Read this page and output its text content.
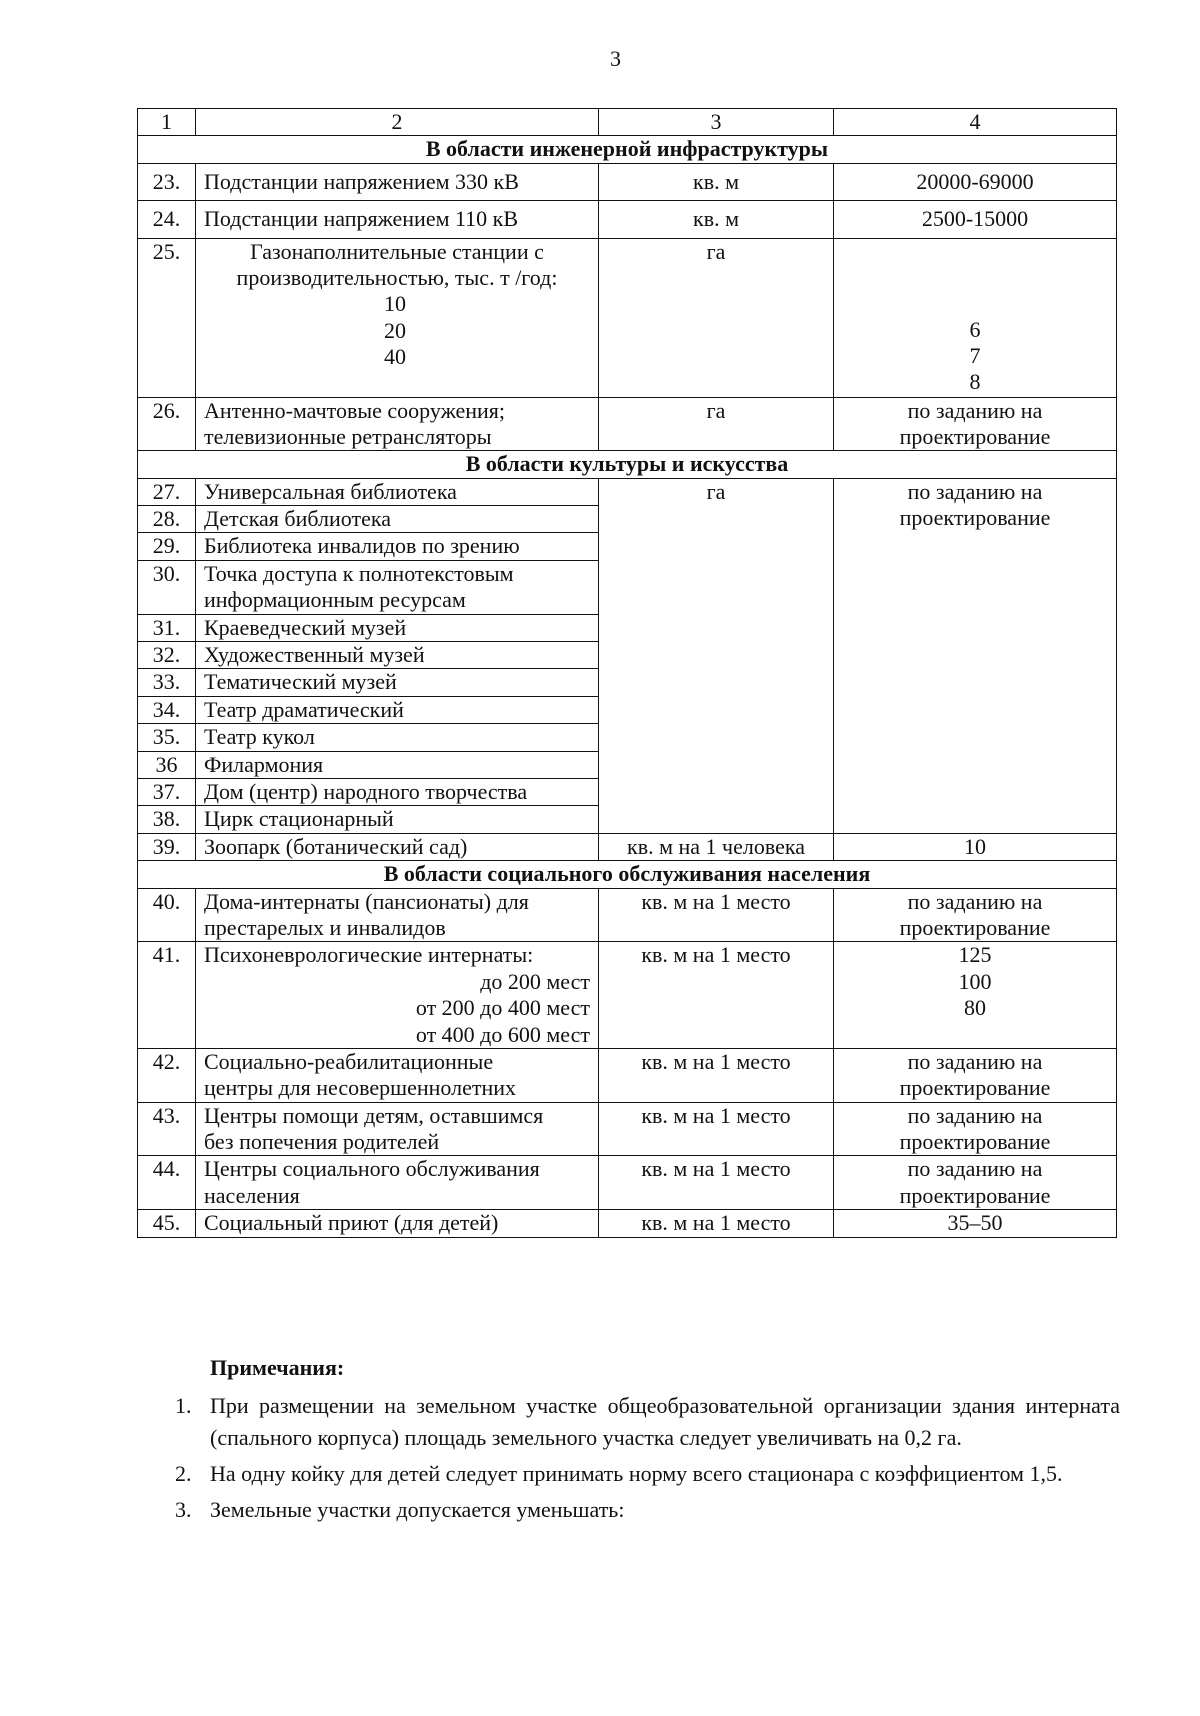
3
1	2	3	4
В области инженерной инфраструктуры			
23.	Подстанции напряжением 330 кВ	кв. м	20000-69000
24.	Подстанции напряжением 110 кВ	кв. м	2500-15000
25.	Газонаполнительные станции с
производительностью, тыс. т /год:
10
20
40	га	6
7
8

26.	Антенно-мачтовые сооружения;
телевизионные ретрансляторы	га	по заданию на
проектирование

В области культуры и искусства			
27.	Универсальная библиотека	га	по заданию на
проектирование

28.	Детская библиотека		
29.	Библиотека инвалидов по зрению		
30.	Точка доступа к полнотекстовым
информационным ресурсам		

31.	Краеведческий музей		
32.	Художественный музей		
33.	Тематический музей		
34.	Театр драматический		
35.	Театр кукол		
36	Филармония		
37.	Дом (центр) народного творчества		
38.	Цирк стационарный		
39.	Зоопарк (ботанический сад)	кв. м на 1 человека	10
В области социального обслуживания населения			
40.	Дома-интернаты (пансионаты) для
престарелых и инвалидов	кв. м на 1 место	по заданию на
проектирование

41.	Психоневрологические интернаты:
до 200 мест
от 200 до 400 мест
от 400 до 600 мест	кв. м на 1 место	125
100
80

42.	Социально-реабилитационные
центры для несовершеннолетних	кв. м на 1 место	по заданию на
проектирование

43.	Центры помощи детям, оставшимся
без попечения родителей	кв. м на 1 место	по заданию на
проектирование

44.	Центры социального обслуживания
населения	кв. м на 1 место	по заданию на
проектирование

45.	Социальный приют (для детей)	кв. м на 1 место	35–50
Примечания:
1. При размещении на земельном участке общеобразовательной организации здания интерната (спального корпуса) площадь земельного участка следует увеличивать на 0,2 га.
2. На одну койку для детей следует принимать норму всего стационара с коэффициентом 1,5.
3. Земельные участки допускается уменьшать:
